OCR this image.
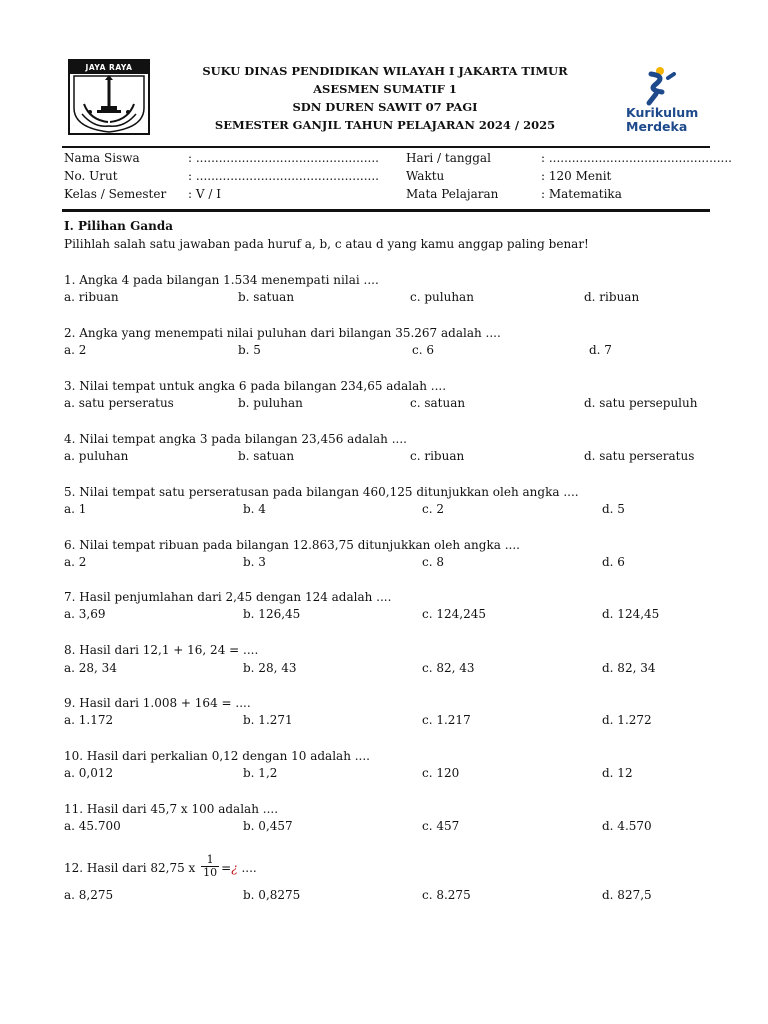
JAYA RAYA	SUKU DINAS PENDIDIKAN WILAYAH I JAKARTA TIMUR
ASESMEN SUMATIF 1
SDN DUREN SAWIT 07 PAGI
SEMESTER GANJIL TAHUN PELAJARAN 2024 / 2025
Kurikulum
Merdeka
Nama Siswa	: ................................................
No. Urut	: ................................................
Kelas / Semester : V / I
Hari / tanggal	: ................................................
Waktu	: 120 Menit
Mata Pelajaran	: Matematika
I. Pilihan Ganda
Pilihlah salah satu jawaban pada huruf a, b, c atau d yang kamu anggap paling benar!
1. Angka 4 pada bilangan 1.534 menempati nilai ....
a. ribuan	b. satuan	c. puluhan	d. ribuan
2. Angka yang menempati nilai puluhan dari bilangan 35.267 adalah ....
a. 2	b. 5	c. 6	d. 7
3. Nilai tempat untuk angka 6 pada bilangan 234,65 adalah ....
a. satu perseratus	b. puluhan	c. satuan	d. satu persepuluh
4. Nilai tempat angka 3 pada bilangan 23,456 adalah ....
a. puluhan	b. satuan	c. ribuan	d. satu perseratus
5. Nilai tempat satu perseratusan pada bilangan 460,125 ditunjukkan oleh angka ....
a. 1	b. 4	c. 2	d. 5
6. Nilai tempat ribuan pada bilangan 12.863,75 ditunjukkan oleh angka ....
a. 2	b. 3	c. 8	d. 6
7. Hasil penjumlahan dari 2,45 dengan 124 adalah ....
a. 3,69	b. 126,45	c. 124,245	d. 124,45
8. Hasil dari 12,1 + 16, 24 = ....
a. 28, 34	b. 28, 43	c. 82, 43	d. 82, 34
9. Hasil dari 1.008 + 164 = ....
a. 1.172	b. 1.271	c. 1.217	d. 1.272
10. Hasil dari perkalian 0,12 dengan 10 adalah ....
a. 0,012	b. 1,2	c. 120	d. 12
11. Hasil dari 45,7 x 100 adalah ....
a. 45.700	b. 0,457	c. 457	d. 4.570
12. Hasil dari 82,75 x $\frac{1}{10}$ =¿ ....
a. 8,275	b. 0,8275	c. 8.275	d. 827,5
